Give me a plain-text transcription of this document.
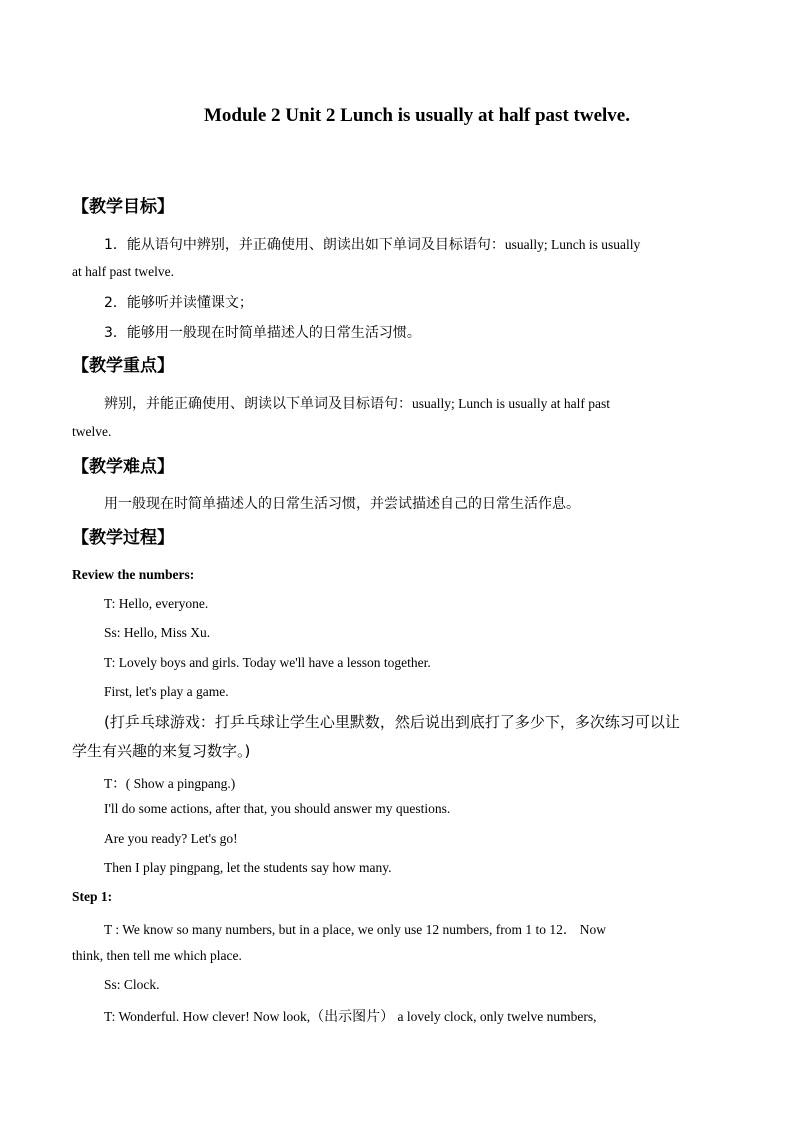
Module 2 Unit 2 Lunch is usually at half past twelve.
【教学目标】
1．能从语句中辨别，并正确使用、朗读出如下单词及目标语句：usually; Lunch is usually
at half past twelve.
2．能够听并读懂课文；
3．能够用一般现在时简单描述人的日常生活习惯。
【教学重点】
辨别，并能正确使用、朗读以下单词及目标语句：usually; Lunch is usually at half past
twelve.
【教学难点】
用一般现在时简单描述人的日常生活习惯，并尝试描述自己的日常生活作息。
【教学过程】
Review the numbers:
T: Hello, everyone.
Ss: Hello, Miss Xu.
T: Lovely boys and girls. Today we'll have a lesson together.
First, let's play a game.
(打乒乓球游戏：打乒乓球让学生心里默数，然后说出到底打了多少下，多次练习可以让
学生有兴趣的来复习数字。)
T：( Show a pingpang.)
I'll do some actions, after that, you should answer my questions.
Are you ready? Let's go!
Then I play pingpang, let the students say how many.
Step 1:
T : We know so many numbers, but in a place, we only use 12 numbers, from 1 to 12． Now
think, then tell me which place.
Ss: Clock.
T: Wonderful. How clever! Now look,（出示图片） a lovely clock, only twelve numbers,
